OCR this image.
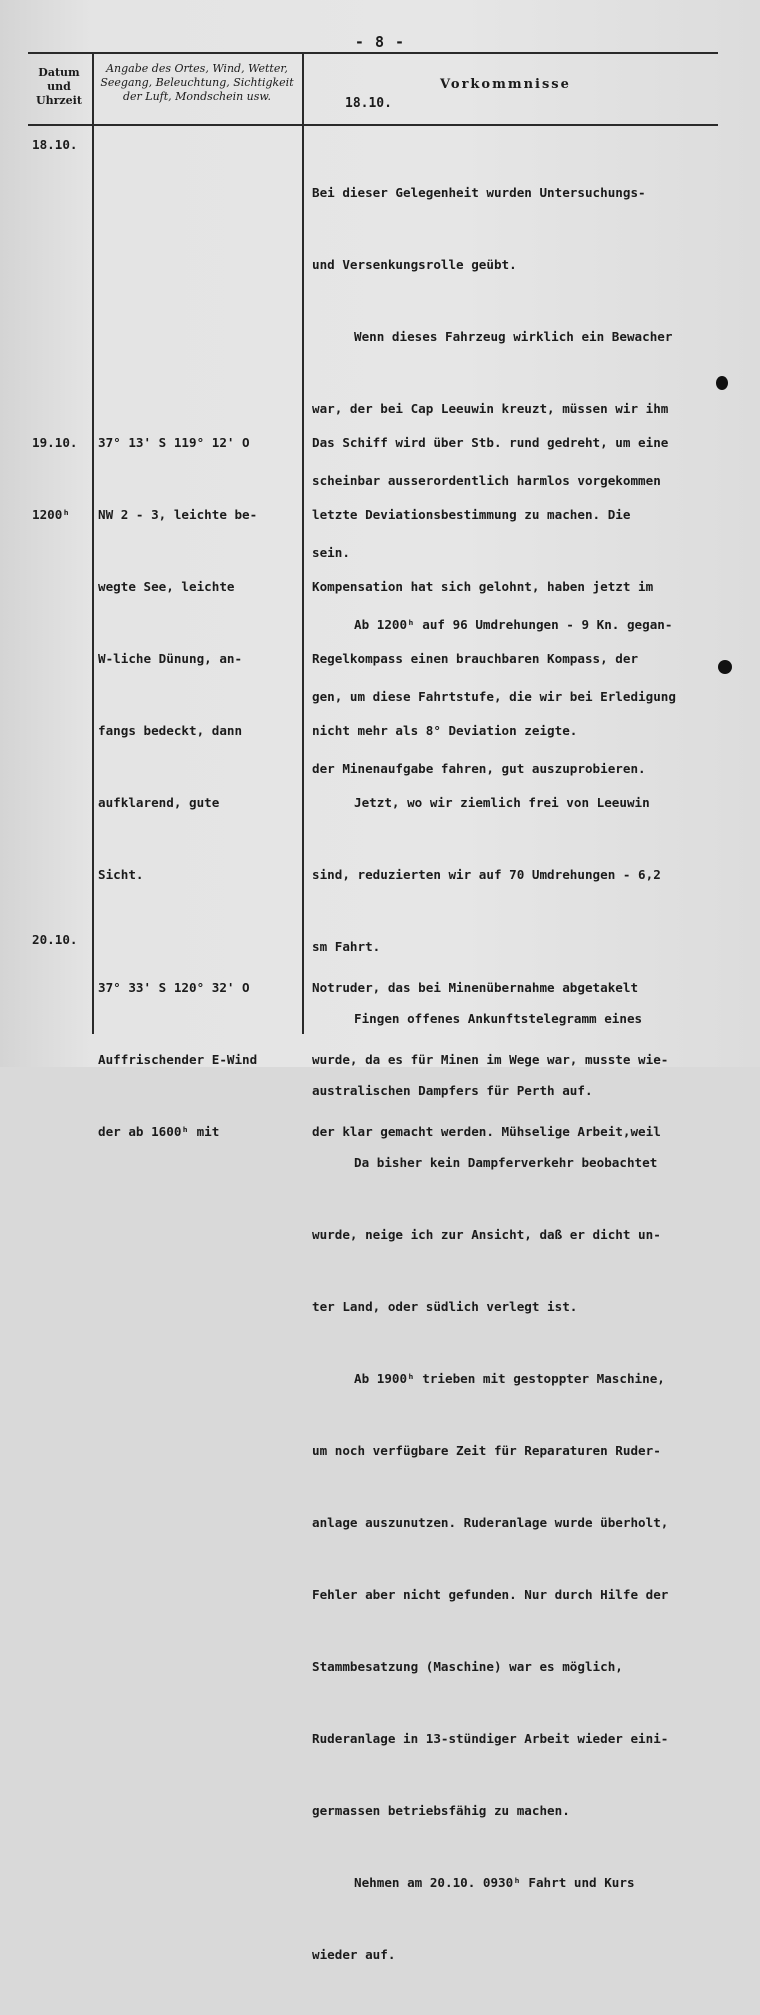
- 8 -
Datum und Uhrzeit
Angabe des Ortes, Wind, Wetter, Seegang, Beleuchtung, Sichtigkeit der Luft, Mondschein usw.
Vorkommnisse
18.10.
18.10.

Bei dieser Gelegenheit wurden Untersuchungs-

und Versenkungsrolle geübt.

Wenn dieses Fahrzeug wirklich ein Bewacher

war, der bei Cap Leeuwin kreuzt, müssen wir ihm

scheinbar ausserordentlich harmlos vorgekommen

sein.

Ab 1200ʰ auf 96 Umdrehungen - 9 Kn. gegan-

gen, um diese Fahrtstufe, die wir bei Erledigung

der Minenaufgabe fahren, gut auszuprobieren.

19.10.

1200ʰ

37° 13' S 119° 12' O

NW 2 - 3, leichte be-

wegte See, leichte

W-liche Dünung, an-

fangs bedeckt, dann

aufklarend, gute

Sicht.

Das Schiff wird über Stb. rund gedreht, um eine

letzte Deviationsbestimmung zu machen. Die

Kompensation hat sich gelohnt, haben jetzt im

Regelkompass einen brauchbaren Kompass, der

nicht mehr als 8° Deviation zeigte.

Jetzt, wo wir ziemlich frei von Leeuwin

sind, reduzierten wir auf 70 Umdrehungen - 6,2

sm Fahrt.

Fingen offenes Ankunftstelegramm eines

australischen Dampfers für Perth auf.

Da bisher kein Dampferverkehr beobachtet

wurde, neige ich zur Ansicht, daß er dicht un-

ter Land, oder südlich verlegt ist.

Ab 1900ʰ trieben mit gestoppter Maschine,

um noch verfügbare Zeit für Reparaturen Ruder-

anlage auszunutzen. Ruderanlage wurde überholt,

Fehler aber nicht gefunden. Nur durch Hilfe der

Stammbesatzung (Maschine) war es möglich,

Ruderanlage in 13-stündiger Arbeit wieder eini-

germassen betriebsfähig zu machen.

Nehmen am 20.10. 0930ʰ Fahrt und Kurs

wieder auf.

20.10.

37° 33' S 120° 32' O

Auffrischender E-Wind

der ab 1600ʰ mit

Notruder, das bei Minenübernahme abgetakelt

wurde, da es für Minen im Wege war, musste wie-

der klar gemacht werden. Mühselige Arbeit,weil
